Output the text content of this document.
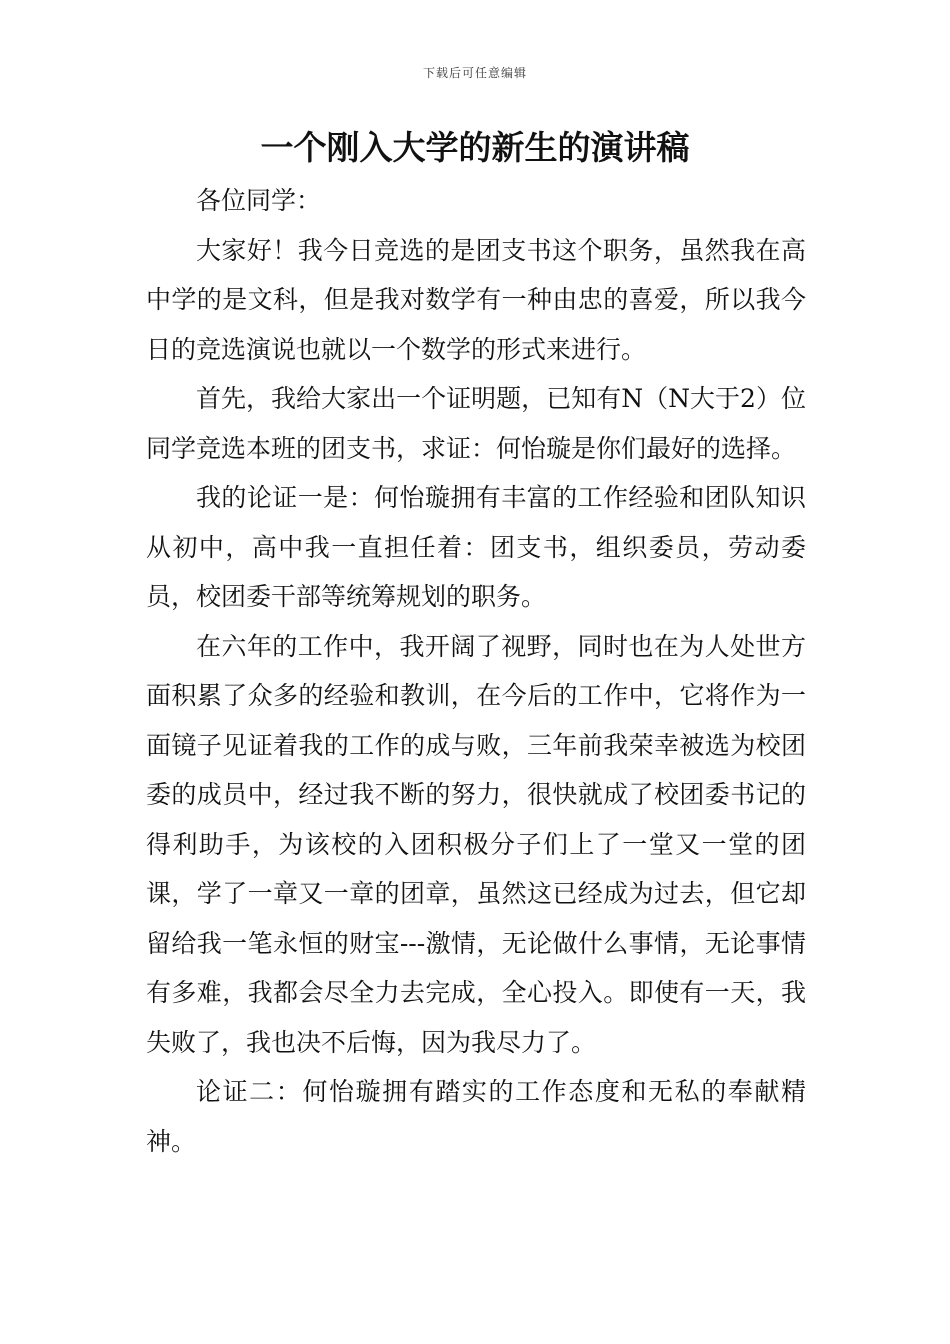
下载后可任意编辑
一个刚入大学的新生的演讲稿

各位同学：

大家好！我今日竞选的是团支书这个职务，虽然我在高中学的是文科，但是我对数学有一种由忠的喜爱，所以我今日的竞选演说也就以一个数学的形式来进行。

首先，我给大家出一个证明题，已知有N（N大于2）位同学竞选本班的团支书，求证：何怡璇是你们最好的选择。

我的论证一是：何怡璇拥有丰富的工作经验和团队知识从初中，高中我一直担任着：团支书，组织委员，劳动委员，校团委干部等统筹规划的职务。

在六年的工作中，我开阔了视野，同时也在为人处世方面积累了众多的经验和教训，在今后的工作中，它将作为一面镜子见证着我的工作的成与败，三年前我荣幸被选为校团委的成员中，经过我不断的努力，很快就成了校团委书记的得利助手，为该校的入团积极分子们上了一堂又一堂的团课，学了一章又一章的团章，虽然这已经成为过去，但它却留给我一笔永恒的财宝---激情，无论做什么事情，无论事情有多难，我都会尽全力去完成，全心投入。即使有一天，我失败了，我也决不后悔，因为我尽力了。

论证二：何怡璇拥有踏实的工作态度和无私的奉献精神。
